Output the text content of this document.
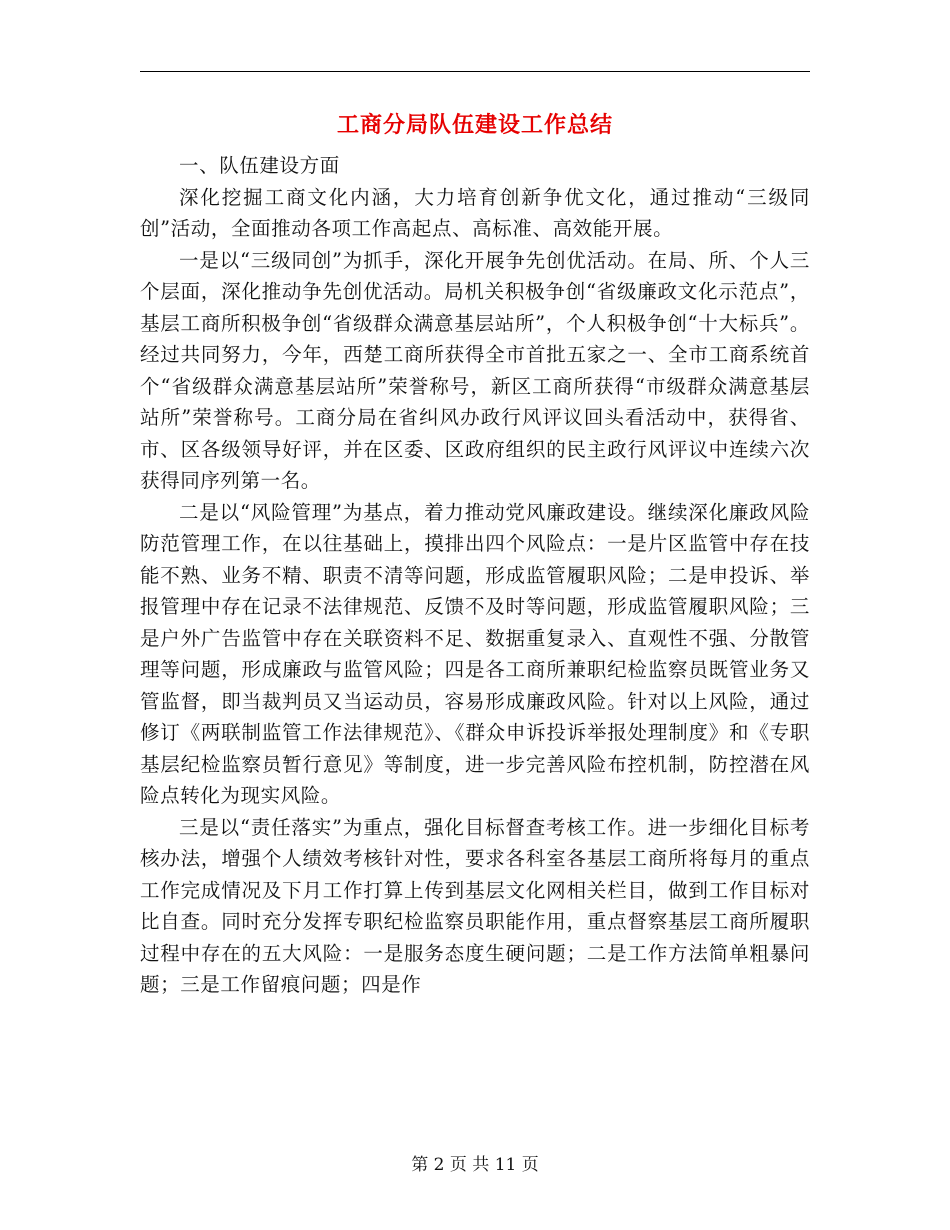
工商分局队伍建设工作总结

一、队伍建设方面

深化挖掘工商文化内涵，大力培育创新争优文化，通过推动“三级同创”活动，全面推动各项工作高起点、高标准、高效能开展。

一是以“三级同创”为抓手，深化开展争先创优活动。在局、所、个人三个层面，深化推动争先创优活动。局机关积极争创“省级廉政文化示范点”，基层工商所积极争创“省级群众满意基层站所”，个人积极争创“十大标兵”。经过共同努力，今年，西楚工商所获得全市首批五家之一、全市工商系统首个“省级群众满意基层站所”荣誉称号，新区工商所获得“市级群众满意基层站所”荣誉称号。工商分局在省纠风办政行风评议回头看活动中，获得省、市、区各级领导好评，并在区委、区政府组织的民主政行风评议中连续六次获得同序列第一名。

二是以“风险管理”为基点，着力推动党风廉政建设。继续深化廉政风险防范管理工作，在以往基础上，摸排出四个风险点：一是片区监管中存在技能不熟、业务不精、职责不清等问题，形成监管履职风险；二是申投诉、举报管理中存在记录不法律规范、反馈不及时等问题，形成监管履职风险；三是户外广告监管中存在关联资料不足、数据重复录入、直观性不强、分散管理等问题，形成廉政与监管风险；四是各工商所兼职纪检监察员既管业务又管监督，即当裁判员又当运动员，容易形成廉政风险。针对以上风险，通过修订《两联制监管工作法律规范》、《群众申诉投诉举报处理制度》和《专职基层纪检监察员暂行意见》等制度，进一步完善风险布控机制，防控潜在风险点转化为现实风险。

三是以“责任落实”为重点，强化目标督查考核工作。进一步细化目标考核办法，增强个人绩效考核针对性，要求各科室各基层工商所将每月的重点工作完成情况及下月工作打算上传到基层文化网相关栏目，做到工作目标对比自查。同时充分发挥专职纪检监察员职能作用，重点督察基层工商所履职过程中存在的五大风险：一是服务态度生硬问题；二是工作方法简单粗暴问题；三是工作留痕问题；四是作

第 2 页 共 11 页
